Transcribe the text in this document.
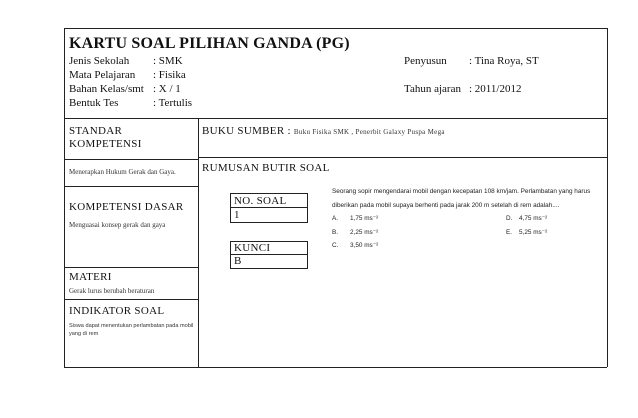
KARTU SOAL PILIHAN GANDA (PG)
Jenis Sekolah
Mata Pelajaran
Bahan Kelas/smt
Bentuk Tes
: SMK
: Fisika
: X / 1
: Tertulis
Penyusun : Tina Roya, ST
Tahun ajaran : 2011/2012
STANDAR
KOMPETENSI
Menerapkan Hukum Gerak dan Gaya.
BUKU SUMBER : Buku Fisika SMK , Penerbit Galaxy Puspa Mega
RUMUSAN BUTIR SOAL
KOMPETENSI DASAR
Menguasai konsep gerak dan gaya
NO. SOAL
1
KUNCI
B
Seorang sopir mengendarai mobil dengan kecepatan 108 km/jam. Perlambatan yang harus
diberikan pada mobil supaya berhenti pada jarak 200 m setelah di rem adalah....
A. 1,75 ms⁻²
B. 2,25 ms⁻²
C. 3,50 ms⁻²
D. 4,75 ms⁻²
E. 5,25 ms⁻²
MATERI
Gerak lurus berubah beraturan
INDIKATOR SOAL
Siswa dapat menentukan perlambatan pada mobil
yang di rem
